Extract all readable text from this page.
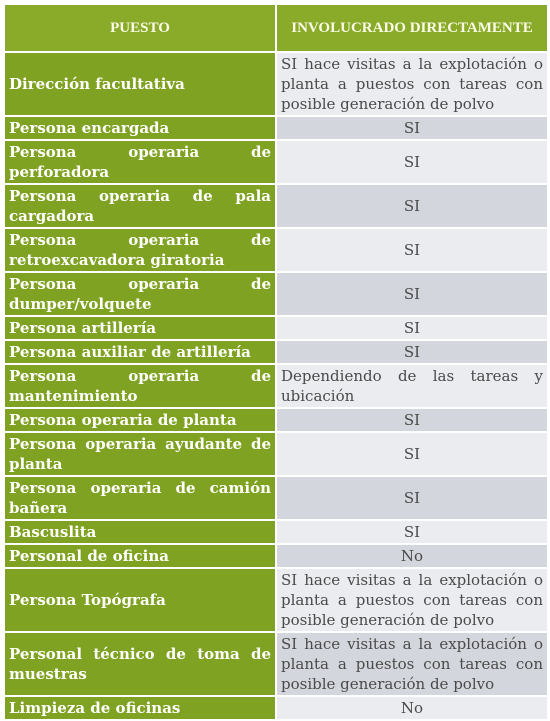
PUESTO	INVOLUCRADO DIRECTAMENTE
Dirección facultativa	SI hace visitas a la explotación o planta a puestos con tareas con posible generación de polvo
Persona encargada	SI
Persona operaria de perforadora	SI
Persona operaria de pala cargadora	SI
Persona operaria de retroexcavadora giratoria	SI
Persona operaria de dumper/volquete	SI
Persona artillería	SI
Persona auxiliar de artillería	SI
Persona operaria de mantenimiento	Dependiendo de las tareas y ubicación
Persona operaria de planta	SI
Persona operaria ayudante de planta	SI
Persona operaria de camión bañera	SI
Bascuslita	SI
Personal de oficina	No
Persona Topógrafa	SI hace visitas a la explotación o planta a puestos con tareas con posible generación de polvo
Personal técnico de toma de muestras	SI hace visitas a la explotación o planta a puestos con tareas con posible generación de polvo
Limpieza de oficinas	No
